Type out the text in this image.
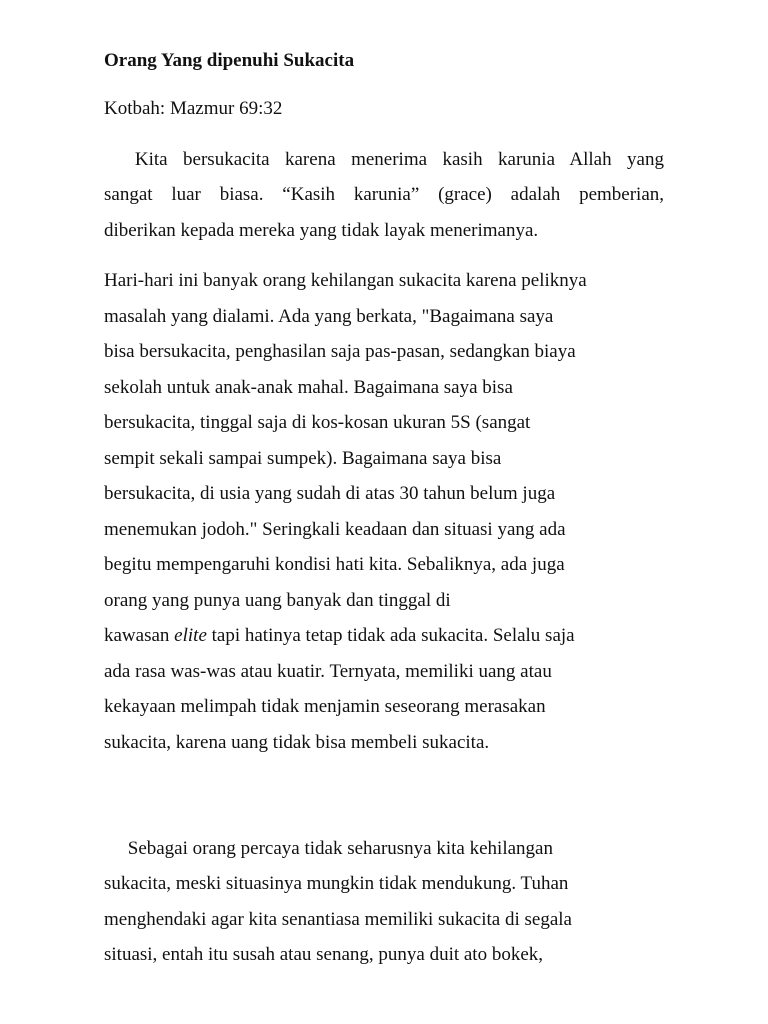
Orang Yang dipenuhi Sukacita

Kotbah: Mazmur 69:32

Kita bersukacita karena menerima kasih karunia Allah yang

sangat luar biasa. “Kasih karunia” (grace) adalah pemberian,

diberikan kepada mereka yang tidak layak menerimanya.

Hari-hari ini banyak orang kehilangan sukacita karena peliknya

masalah yang dialami. Ada yang berkata, "Bagaimana saya

bisa bersukacita, penghasilan saja pas-pasan, sedangkan biaya

sekolah untuk anak-anak mahal. Bagaimana saya bisa

bersukacita, tinggal saja di kos-kosan ukuran 5S (sangat

sempit sekali sampai sumpek). Bagaimana saya bisa

bersukacita, di usia yang sudah di atas 30 tahun belum juga

menemukan jodoh." Seringkali keadaan dan situasi yang ada

begitu mempengaruhi kondisi hati kita. Sebaliknya, ada juga

orang yang punya uang banyak dan tinggal di

kawasan elite tapi hatinya tetap tidak ada sukacita. Selalu saja

ada rasa was-was atau kuatir. Ternyata, memiliki uang atau

kekayaan melimpah tidak menjamin seseorang merasakan

sukacita, karena uang tidak bisa membeli sukacita.

Sebagai orang percaya tidak seharusnya kita kehilangan

sukacita, meski situasinya mungkin tidak mendukung. Tuhan

menghendaki agar kita senantiasa memiliki sukacita di segala

situasi, entah itu susah atau senang, punya duit ato bokek,
